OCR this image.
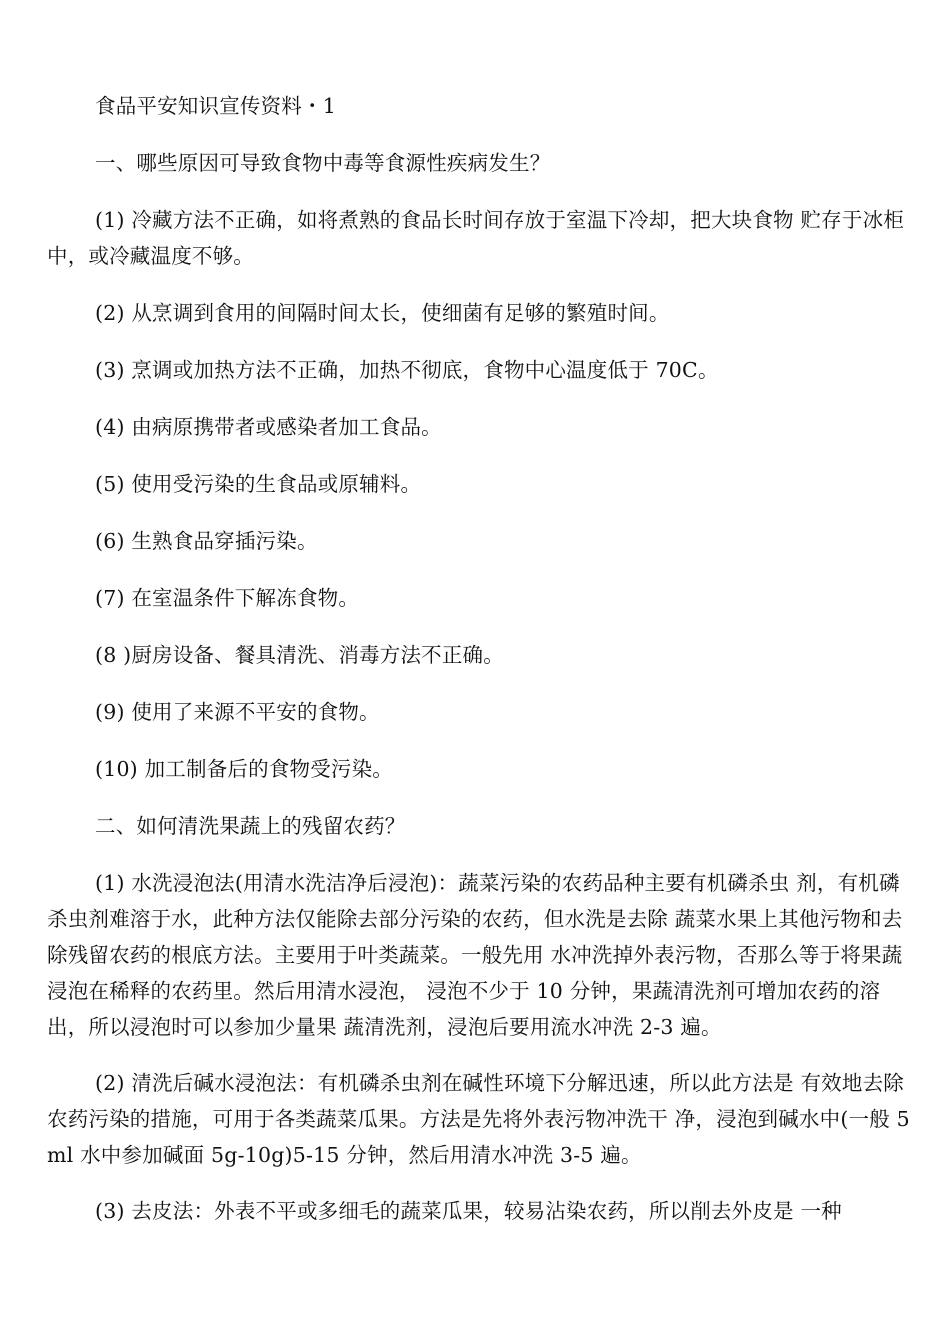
食品平安知识宣传资料・1

一、哪些原因可导致食物中毒等食源性疾病发生？

(1) 冷藏方法不正确，如将煮熟的食品长时间存放于室温下冷却，把大块食物 贮存于冰柜中，或冷藏温度不够。

(2) 从烹调到食用的间隔时间太长，使细菌有足够的繁殖时间。

(3) 烹调或加热方法不正确，加热不彻底，食物中心温度低于 70C。

(4) 由病原携带者或感染者加工食品。

(5) 使用受污染的生食品或原辅料。

(6) 生熟食品穿插污染。

(7) 在室温条件下解冻食物。

(8 )厨房设备、餐具清洗、消毒方法不正确。

(9) 使用了来源不平安的食物。

(10) 加工制备后的食物受污染。

二、如何清洗果蔬上的残留农药？

(1) 水洗浸泡法(用清水洗洁净后浸泡)：蔬菜污染的农药品种主要有机磷杀虫 剂，有机磷杀虫剂难溶于水，此种方法仅能除去部分污染的农药，但水洗是去除 蔬菜水果上其他污物和去除残留农药的根底方法。主要用于叶类蔬菜。一般先用 水冲洗掉外表污物，否那么等于将果蔬浸泡在稀释的农药里。然后用清水浸泡， 浸泡不少于 10 分钟，果蔬清洗剂可增加农药的溶出，所以浸泡时可以参加少量果 蔬清洗剂，浸泡后要用流水冲洗 2-3 遍。

(2) 清洗后碱水浸泡法：有机磷杀虫剂在碱性环境下分解迅速，所以此方法是 有效地去除农药污染的措施，可用于各类蔬菜瓜果。方法是先将外表污物冲洗干 净，浸泡到碱水中(一般 5ml 水中参加碱面 5g-10g)5-15 分钟，然后用清水冲洗 3-5 遍。

(3) 去皮法：外表不平或多细毛的蔬菜瓜果，较易沾染农药，所以削去外皮是 一种
